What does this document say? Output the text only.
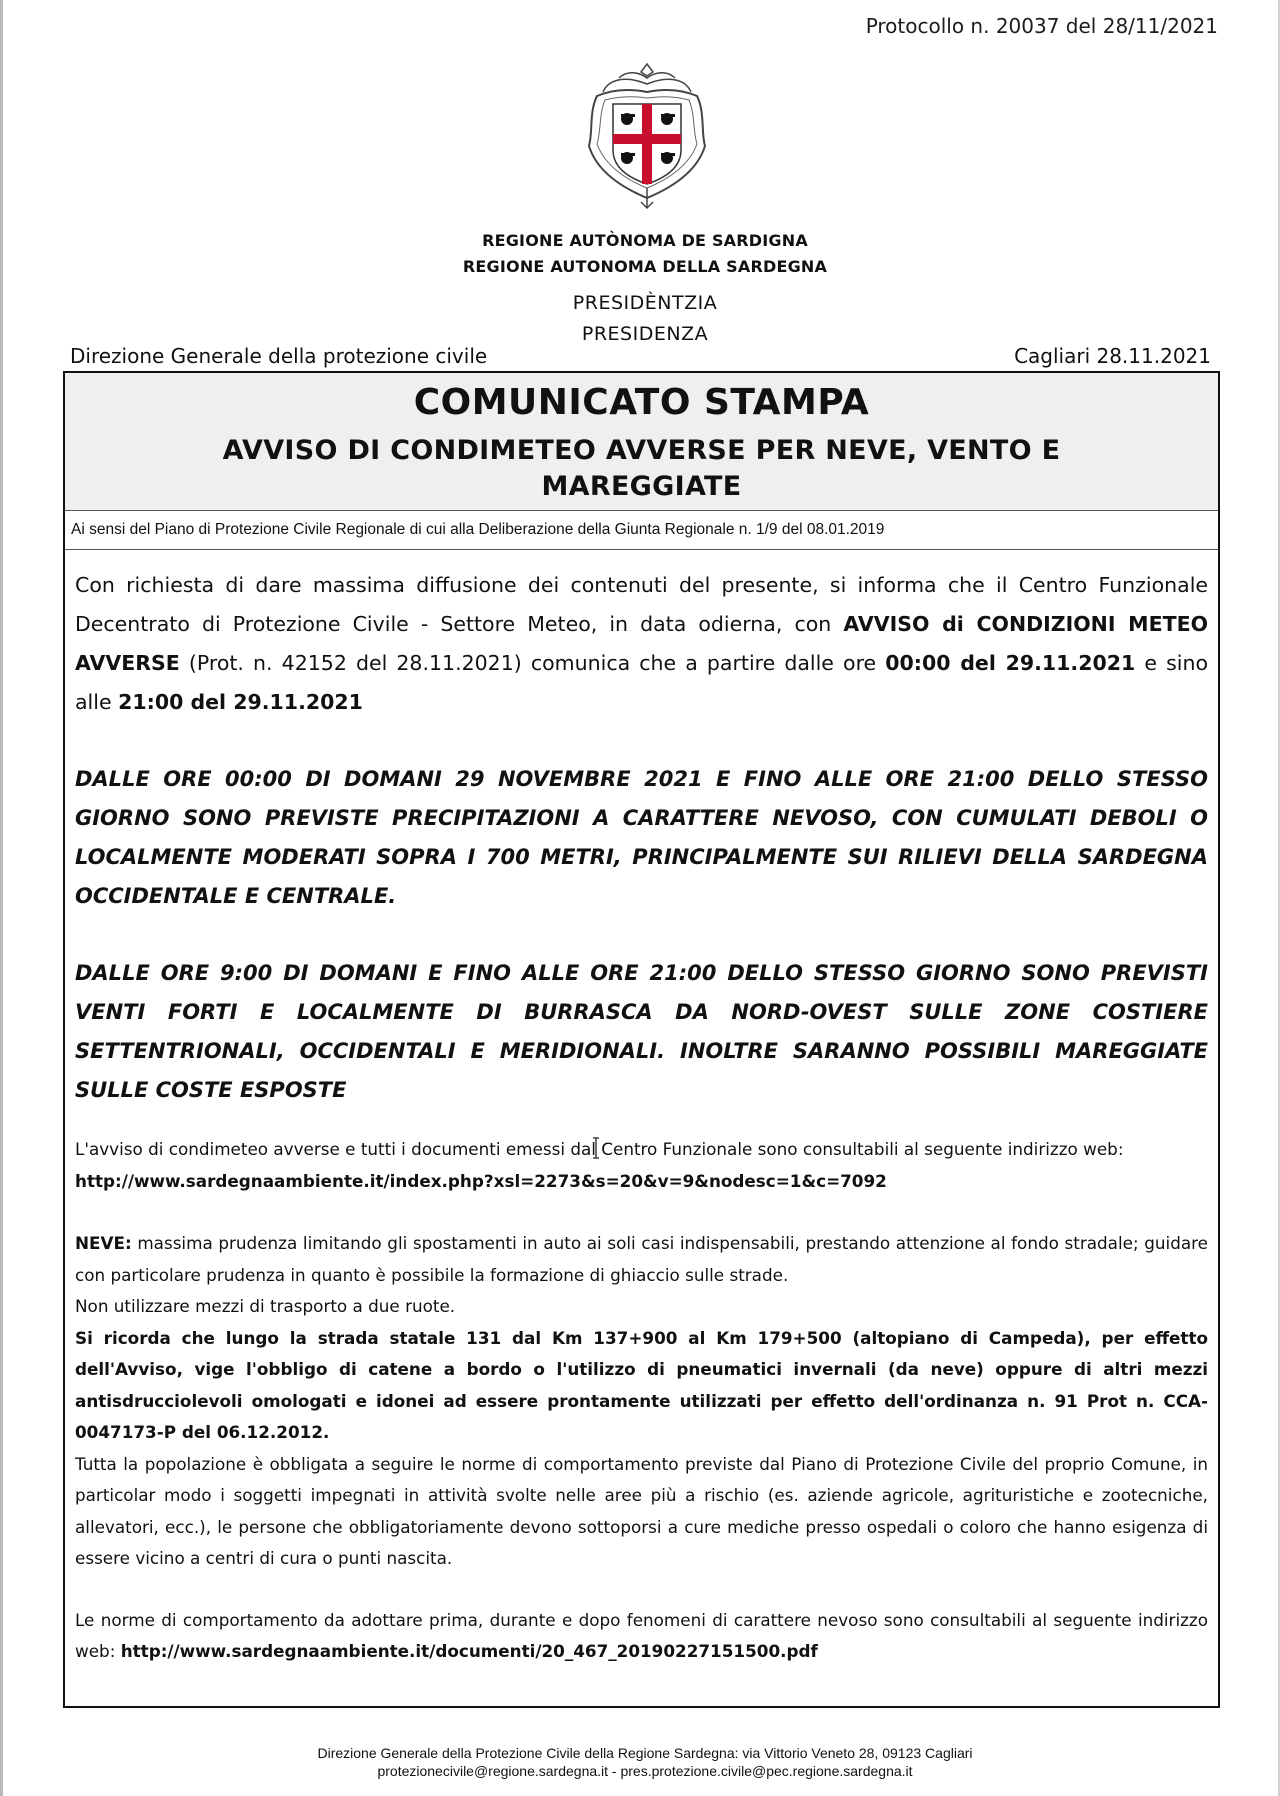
Protocollo n. 20037 del 28/11/2021
REGIONE AUTÒNOMA DE SARDIGNA
REGIONE AUTONOMA DELLA SARDEGNA
PRESIDÈNTZIA
PRESIDENZA
Direzione Generale della protezione civile	Cagliari 28.11.2021
COMUNICATO STAMPA
AVVISO DI CONDIMETEO AVVERSE PER NEVE, VENTO E MAREGGIATE
Ai sensi del Piano di Protezione Civile Regionale di cui alla Deliberazione della Giunta Regionale n. 1/9 del 08.01.2019
Con richiesta di dare massima diffusione dei contenuti del presente, si informa che il Centro Funzionale Decentrato di Protezione Civile - Settore Meteo, in data odierna, con AVVISO di CONDIZIONI METEO AVVERSE (Prot. n. 42152 del 28.11.2021) comunica che a partire dalle ore 00:00 del 29.11.2021 e sino alle 21:00 del 29.11.2021
DALLE ORE 00:00 DI DOMANI 29 NOVEMBRE 2021 E FINO ALLE ORE 21:00 DELLO STESSO GIORNO SONO PREVISTE PRECIPITAZIONI A CARATTERE NEVOSO, CON CUMULATI DEBOLI O LOCALMENTE MODERATI SOPRA I 700 METRI, PRINCIPALMENTE SUI RILIEVI DELLA SARDEGNA OCCIDENTALE E CENTRALE.
DALLE ORE 9:00 DI DOMANI E FINO ALLE ORE 21:00 DELLO STESSO GIORNO SONO PREVISTI VENTI FORTI E LOCALMENTE DI BURRASCA DA NORD-OVEST SULLE ZONE COSTIERE SETTENTRIONALI, OCCIDENTALI E MERIDIONALI. INOLTRE SARANNO POSSIBILI MAREGGIATE SULLE COSTE ESPOSTE
L'avviso di condimeteo avverse e tutti i documenti emessi dal
Centro Funzionale sono consultabili al seguente indirizzo web:
http://www.sardegnaambiente.it/index.php?xsl=2273&s=20&v=9&nodesc=1&c=7092
NEVE: massima prudenza limitando gli spostamenti in auto ai soli casi indispensabili, prestando attenzione al fondo stradale; guidare con particolare prudenza in quanto è possibile la formazione di ghiaccio sulle strade.
Non utilizzare mezzi di trasporto a due ruote.
Si ricorda che lungo la strada statale 131 dal Km 137+900 al Km 179+500 (altopiano di Campeda), per effetto dell'Avviso, vige l'obbligo di catene a bordo o l'utilizzo di pneumatici invernali (da neve) oppure di altri mezzi antisdrucciolevoli omologati e idonei ad essere prontamente utilizzati per effetto dell'ordinanza n. 91 Prot n. CCA-0047173-P del 06.12.2012.
Tutta la popolazione è obbligata a seguire le norme di comportamento previste dal Piano di Protezione Civile del proprio Comune, in particolar modo i soggetti impegnati in attività svolte nelle aree più a rischio (es. aziende agricole, agrituristiche e zootecniche, allevatori, ecc.), le persone che obbligatoriamente devono sottoporsi a cure mediche presso ospedali o coloro che hanno esigenza di essere vicino a centri di cura o punti nascita.
Le norme di comportamento da adottare prima, durante e dopo fenomeni di carattere nevoso sono consultabili al seguente indirizzo web: http://www.sardegnaambiente.it/documenti/20_467_20190227151500.pdf
Direzione Generale della Protezione Civile della Regione Sardegna: via Vittorio Veneto 28, 09123 Cagliari
protezionecivile@regione.sardegna.it - pres.protezione.civile@pec.regione.sardegna.it
